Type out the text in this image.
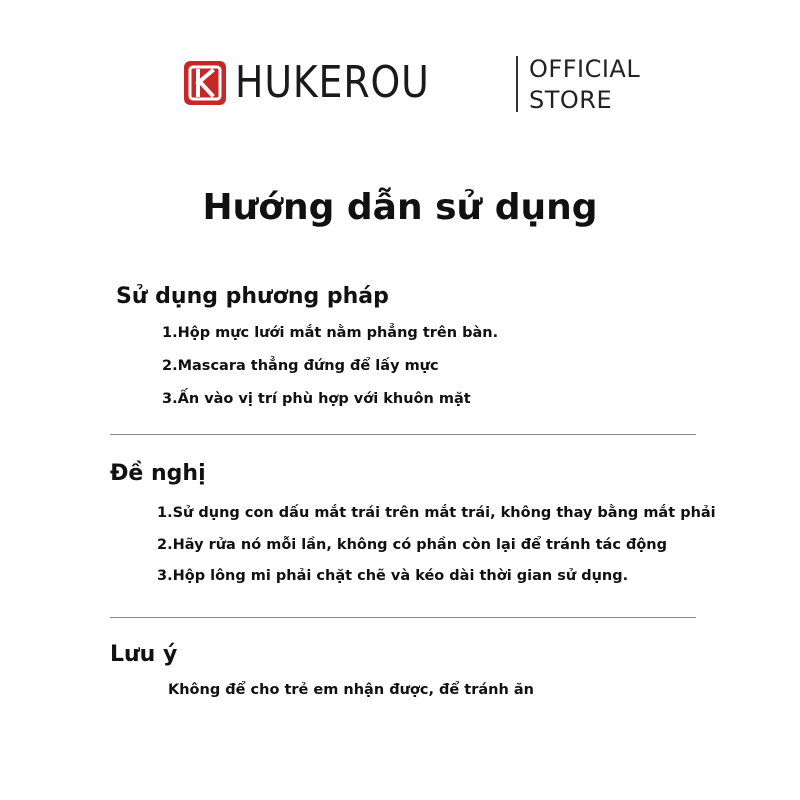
HUKEROU	OFFICIAL
STORE
Hướng dẫn sử dụng
Sử dụng phương pháp
1.Hộp mực lưới mắt nằm phẳng trên bàn.
2.Mascara thẳng đứng để lấy mực
3.Ấn vào vị trí phù hợp với khuôn mặt
Đề nghị
1.Sử dụng con dấu mắt trái trên mắt trái, không thay bằng mắt phải
2.Hãy rửa nó mỗi lần, không có phần còn lại để tránh tác động
3.Hộp lông mi phải chặt chẽ và kéo dài thời gian sử dụng.
Lưu ý
Không để cho trẻ em nhận được, để tránh ăn
